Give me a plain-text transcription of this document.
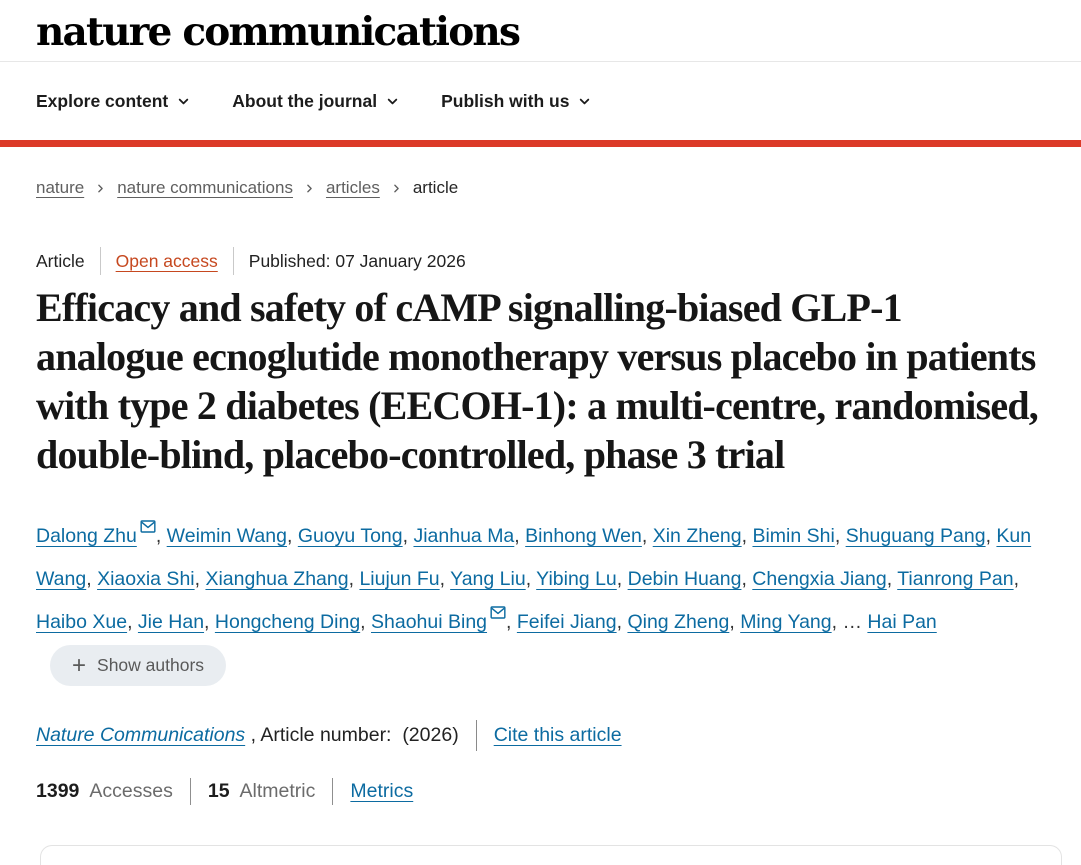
nature communications
Explore content	About the journal	Publish with us
nature nature communications articles article
Article Open access Published: 07 January 2026
Efficacy and safety of cAMP signalling-biased GLP-1 analogue ecnoglutide monotherapy versus placebo in patients with type 2 diabetes (EECOH-1): a multi-centre, randomised, double-blind, placebo-controlled, phase 3 trial
Dalong Zhu , Weimin Wang, Guoyu Tong, Jianhua Ma, Binhong Wen, Xin Zheng, Bimin Shi, Shuguang Pang, Kun Wang, Xiaoxia Shi, Xianghua Zhang, Liujun Fu, Yang Liu, Yibing Lu, Debin Huang, Chengxia Jiang, Tianrong Pan, Haibo Xue, Jie Han, Hongcheng Ding, Shaohui Bing , Feifei Jiang, Qing Zheng, Ming Yang, … Hai Pan
+ Show authors
Nature Communications , Article number:  (2026) Cite this article
1399 Accesses 15 Altmetric Metrics
